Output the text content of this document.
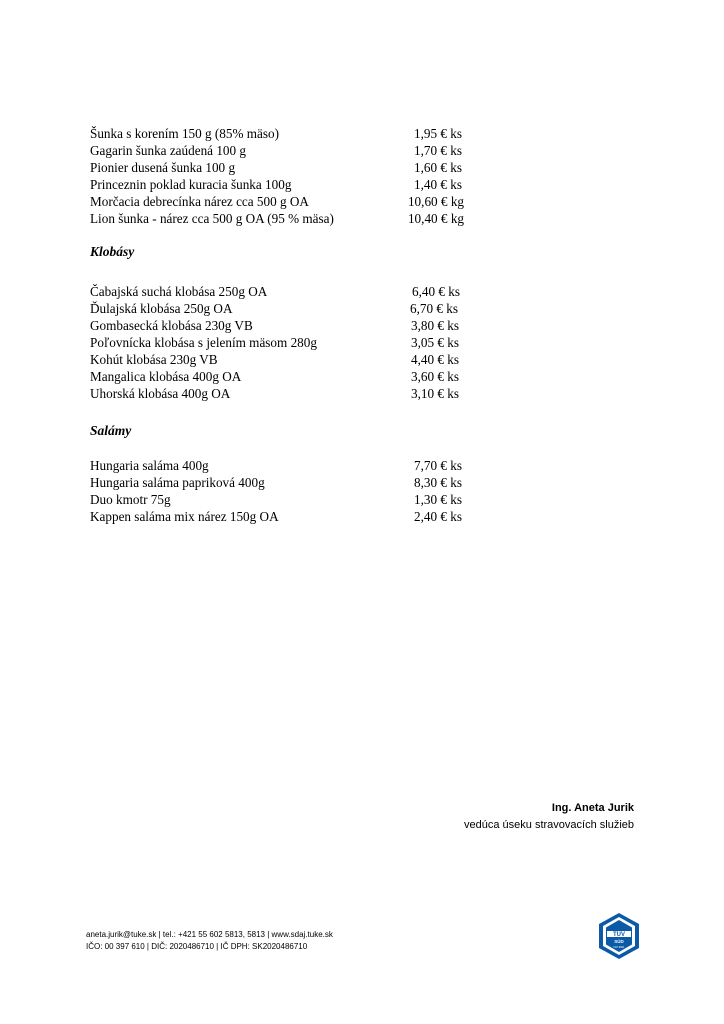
Šunka s korením 150 g (85% mäso)	1,95 € ks
Gagarin šunka zaúdená 100 g	1,70 € ks
Pionier dusená šunka 100 g	1,60 € ks
Princeznin poklad kuracia šunka 100g	1,40 € ks
Morčacia debrecínka nárez cca 500 g OA	10,60 € kg
Lion šunka - nárez cca 500 g OA (95 % mäsa)	10,40 € kg
Klobásy
Čabajská suchá klobása 250g OA	6,40 € ks
Ďulajská klobása 250g OA	6,70 € ks
Gombasecká klobása 230g VB	3,80 € ks
Poľovnícka klobása s jelením mäsom 280g	3,05 € ks
Kohút klobása 230g VB	4,40 € ks
Mangalica klobása 400g OA	3,60 € ks
Uhorská klobása 400g OA	3,10 € ks
Salámy
Hungaria saláma 400g	7,70 € ks
Hungaria saláma papriková 400g	8,30 € ks
Duo kmotr 75g	1,30 € ks
Kappen saláma mix nárez 150g OA	2,40 € ks
Ing. Aneta Jurik
vedúca úseku stravovacích služieb
aneta.jurik@tuke.sk | tel.: +421 55 602 5813, 5813 | www.sdaj.tuke.sk
IČO: 00 397 610 | DIČ: 2020486710 | IČ DPH: SK2020486710
TÜV
SÜD
ISO 9001
